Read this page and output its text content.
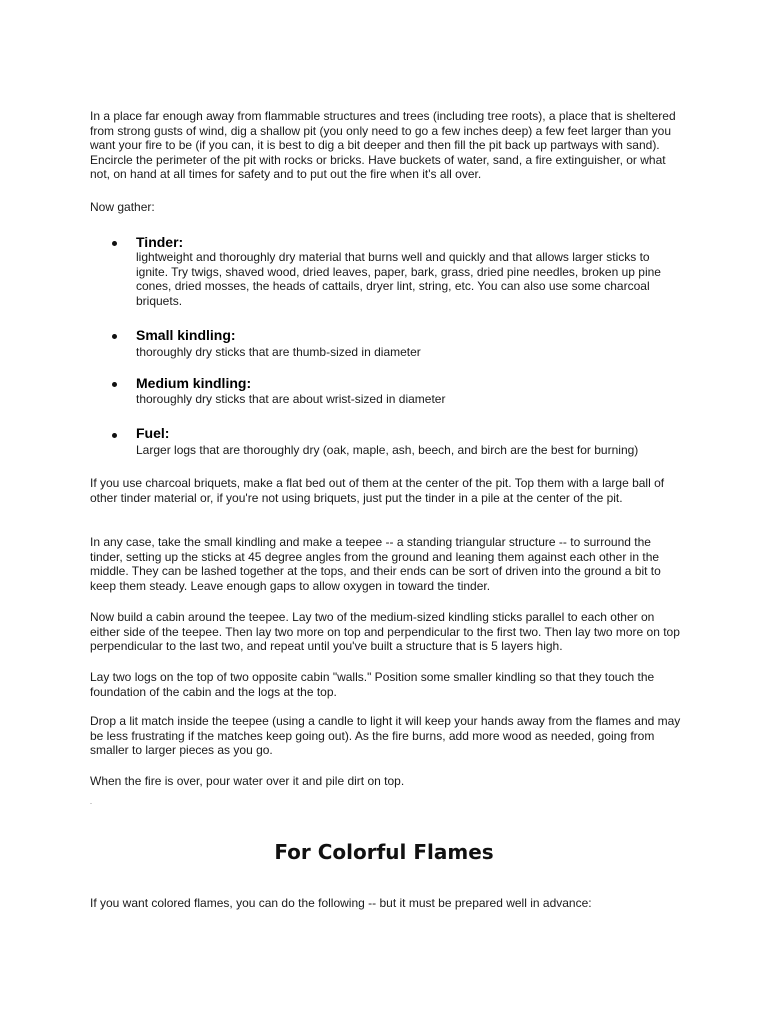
In a place far enough away from flammable structures and trees (including tree roots), a place that is sheltered from strong gusts of wind, dig a shallow pit (you only need to go a few inches deep) a few feet larger than you want your fire to be (if you can, it is best to dig a bit deeper and then fill the pit back up partways with sand). Encircle the perimeter of the pit with rocks or bricks. Have buckets of water, sand, a fire extinguisher, or what not, on hand at all times for safety and to put out the fire when it's all over.

Now gather:

Tinder:
lightweight and thoroughly dry material that burns well and quickly and that allows larger sticks to ignite. Try twigs, shaved wood, dried leaves, paper, bark, grass, dried pine needles, broken up pine cones, dried mosses, the heads of cattails, dryer lint, string, etc. You can also use some charcoal briquets.
Small kindling:
thoroughly dry sticks that are thumb-sized in diameter
Medium kindling:
thoroughly dry sticks that are about wrist-sized in diameter
Fuel:
Larger logs that are thoroughly dry (oak, maple, ash, beech, and birch are the best for burning)

If you use charcoal briquets, make a flat bed out of them at the center of the pit. Top them with a large ball of other tinder material or, if you're not using briquets, just put the tinder in a pile at the center of the pit.

In any case, take the small kindling and make a teepee -- a standing triangular structure -- to surround the tinder, setting up the sticks at 45 degree angles from the ground and leaning them against each other in the middle. They can be lashed together at the tops, and their ends can be sort of driven into the ground a bit to keep them steady. Leave enough gaps to allow oxygen in toward the tinder.

Now build a cabin around the teepee. Lay two of the medium-sized kindling sticks parallel to each other on either side of the teepee. Then lay two more on top and perpendicular to the first two. Then lay two more on top perpendicular to the last two, and repeat until you've built a structure that is 5 layers high.

Lay two logs on the top of two opposite cabin "walls." Position some smaller kindling so that they touch the foundation of the cabin and the logs at the top.

Drop a lit match inside the teepee (using a candle to light it will keep your hands away from the flames and may be less frustrating if the matches keep going out). As the fire burns, add more wood as needed, going from smaller to larger pieces as you go.

When the fire is over, pour water over it and pile dirt on top.

For Colorful Flames

If you want colored flames, you can do the following -- but it must be prepared well in advance:
